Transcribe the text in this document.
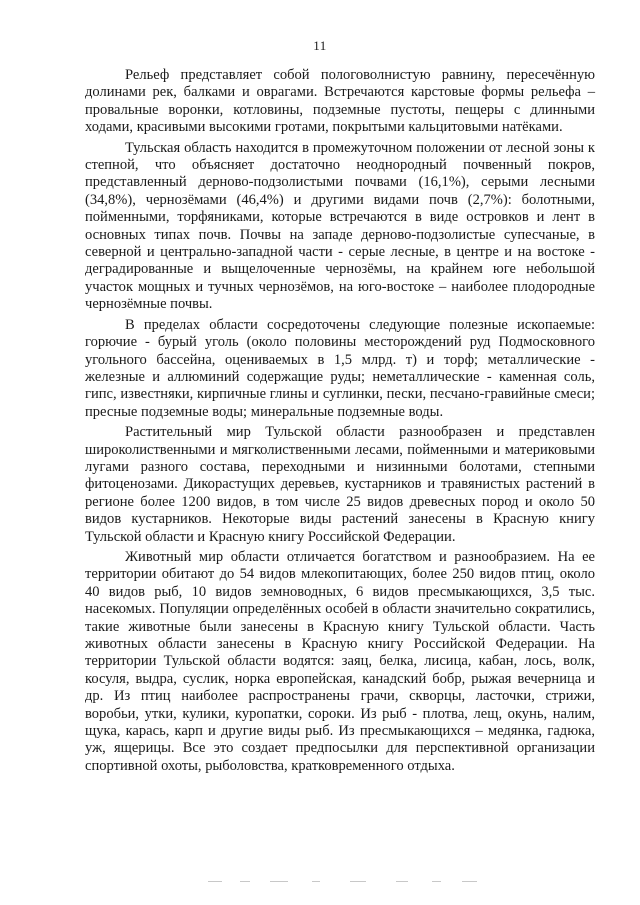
11

Рельеф представляет собой пологоволнистую равнину, пересечённую долинами рек, балками и оврагами. Встречаются карстовые формы рельефа – провальные воронки, котловины, подземные пустоты, пещеры с длинными ходами, красивыми высокими гротами, покрытыми кальцитовыми натёками.

Тульская область находится в промежуточном положении от лесной зоны к степной, что объясняет достаточно неоднородный почвенный покров, представленный дерново-подзолистыми почвами (16,1%), серыми лесными (34,8%), чернозёмами (46,4%) и другими видами почв (2,7%): болотными, пойменными, торфяниками, которые встречаются в виде островков и лент в основных типах почв. Почвы на западе дерново-подзолистые супесчаные, в северной и центрально-западной части - серые лесные, в центре и на востоке - деградированные и выщелоченные чернозёмы, на крайнем юге небольшой участок мощных и тучных чернозёмов, на юго-востоке – наиболее плодородные чернозёмные почвы.

В пределах области сосредоточены следующие полезные ископаемые: горючие - бурый уголь (около половины месторождений руд Подмосковного угольного бассейна, оцениваемых в 1,5 млрд. т) и торф; металлические - железные и аллюминий содержащие руды; неметаллические - каменная соль, гипс, известняки, кирпичные глины и суглинки, пески, песчано-гравийные смеси; пресные подземные воды; минеральные подземные воды.

Растительный мир Тульской области разнообразен и представлен широколиственными и мягколиственными лесами, пойменными и материковыми лугами разного состава, переходными и низинными болотами, степными фитоценозами. Дикорастущих деревьев, кустарников и травянистых растений в регионе более 1200 видов, в том числе 25 видов древесных пород и около 50 видов кустарников. Некоторые виды растений занесены в Красную книгу Тульской области и Красную книгу Российской Федерации.

Животный мир области отличается богатством и разнообразием. На ее территории обитают до 54 видов млекопитающих, более 250 видов птиц, около 40 видов рыб, 10 видов земноводных, 6 видов пресмыкающихся, 3,5 тыс. насекомых. Популяции определённых особей в области значительно сократились, такие животные были занесены в Красную книгу Тульской области. Часть животных области занесены в Красную книгу Российской Федерации. На территории Тульской области водятся: заяц, белка, лисица, кабан, лось, волк, косуля, выдра, суслик, норка европейская, канадский бобр, рыжая вечерница и др. Из птиц наиболее распространены грачи, скворцы, ласточки, стрижи, воробьи, утки, кулики, куропатки, сороки. Из рыб - плотва, лещ, окунь, налим, щука, карась, карп и другие виды рыб. Из пресмыкающихся – медянка, гадюка, уж, ящерицы. Все это создает предпосылки для перспективной организации спортивной охоты, рыболовства, кратковременного отдыха.
